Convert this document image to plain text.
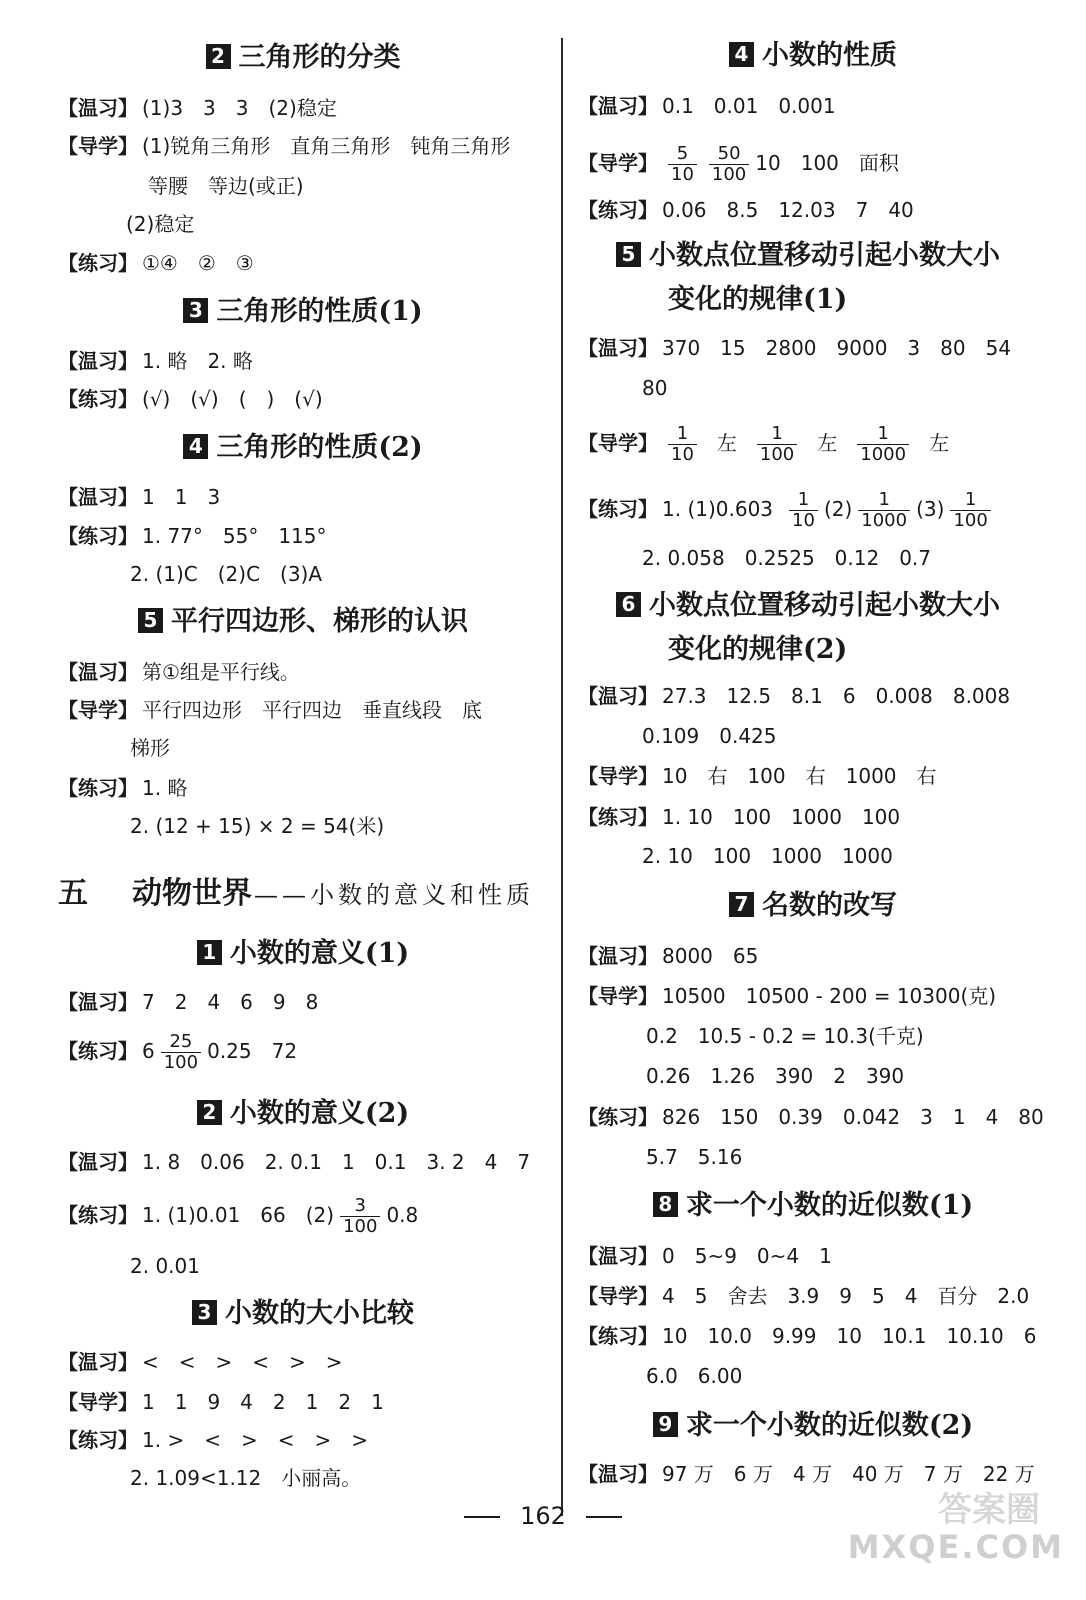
2 三角形的分类
【温习】 (1)3　3　3　(2)稳定
【导学】 (1)锐角三角形　直角三角形　钝角三角形
等腰　等边(或正)
(2)稳定
【练习】 ①④　②　③
3 三角形的性质(1)
【温习】 1. 略　2. 略
【练习】 (√)　(√)　(　)　(√)
4 三角形的性质(2)
【温习】 1　1　3
【练习】 1. 77°　55°　115°
2. (1)C　(2)C　(3)A
5 平行四边形、梯形的认识
【温习】 第①组是平行线。
【导学】 平行四边形　平行四边　垂直线段　底
梯形
【练习】 1. 略
2. (12 + 15) × 2 = 54(米)
五 动物世界——小数的意义和性质
1 小数的意义(1)
【温习】 7　2　4　6　9　8
【练习】 $6 \frac{25}{100} 0.25$　72
2 小数的意义(2)
【温习】 1. 8　0.06　2. 0.1　1　0.1　3. 2　4　7
【练习】 1. (1)0.01　66　$(2) \frac{3}{100} 0.8$
2. 0.01
3 小数的大小比较
【温习】 <　<　>　<　>　>
【导学】 1　1　9　4　2　1　2　1
【练习】 1. >　<　>　<　>　>
2. 1.09<1.12　小丽高。
4 小数的性质
【温习】 0.1　0.01　0.001
【导学】 $\frac{5}{10} \frac{50}{100} 10$　100　面积
【练习】 0.06　8.5　12.03　7　40
5 小数点位置移动引起小数大小
变化的规律(1)
【温习】 370　15　2800　9000　3　80　54
80
【导学】 $\frac{1}{10}$ 左 $\frac{1}{100}$ 左 $\frac{1}{1000}$ 左
【练习】 1. $(1)0.603 \frac{1}{10} (2) \frac{1}{1000} (3) \frac{1}{100}$
2. 0.058　0.2525　0.12　0.7
6 小数点位置移动引起小数大小
变化的规律(2)
【温习】 27.3　12.5　8.1　6　0.008　8.008
0.109　0.425
【导学】 10　右　100　右　1000　右
【练习】 1. 10　100　1000　100
2. 10　100　1000　1000
7 名数的改写
【温习】 8000　65
【导学】 10500　10500 - 200 = 10300(克)
0.2　10.5 - 0.2 = 10.3(千克)
0.26　1.26　390　2　390
【练习】 826　150　0.39　0.042　3　1　4　80
5.7　5.16
8 求一个小数的近似数(1)
【温习】 0　5~9　0~4　1
【导学】 4　5　舍去　3.9　9　5　4　百分　2.0
【练习】 10　10.0　9.99　10　10.1　10.10　6
6.0　6.00
9 求一个小数的近似数(2)
【温习】 97 万　6 万　4 万　40 万　7 万　22 万
162	答案圈
MXQE.COM
